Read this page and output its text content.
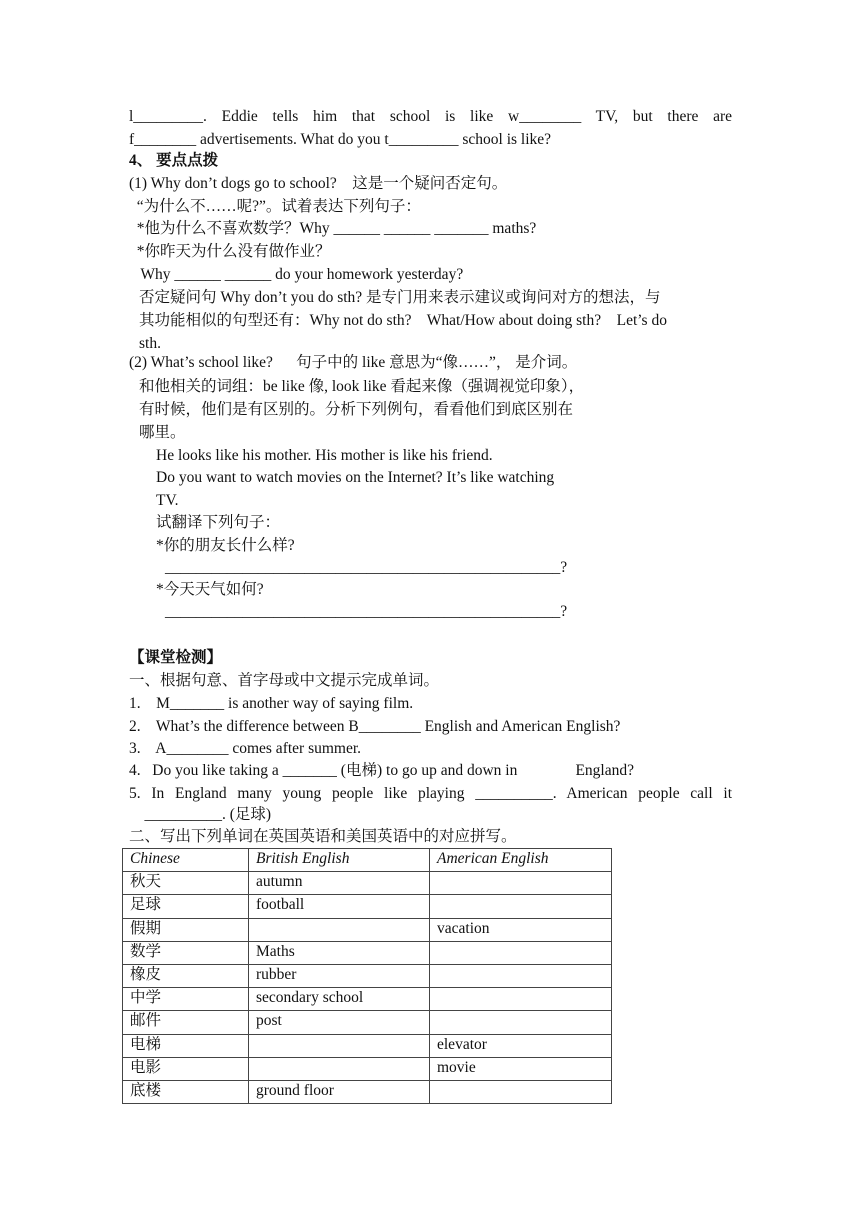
l_________. Eddie tells him that school is like w________ TV, but there are
f________ advertisements. What do you t_________ school is like?
4、 要点点拨
(1) Why don’t dogs go to school?    这是一个疑问否定句。
“为什么不……呢?”。试着表达下列句子：
*他为什么不喜欢数学？Why ______ ______ _______ maths?
*你昨天为什么没有做作业？
Why ______ ______ do your homework yesterday?
否定疑问句 Why don’t you do sth? 是专门用来表示建议或询问对方的想法，与
其功能相似的句型还有：Why not do sth?    What/How about doing sth?    Let’s do
sth.
(2) What’s school like?      句子中的 like 意思为“像……”， 是介词。
和他相关的词组：be like 像, look like 看起来像（强调视觉印象），
有时候，他们是有区别的。分析下列例句，看看他们到底区别在
哪里。
He looks like his mother. His mother is like his friend.
Do you want to watch movies on the Internet? It’s like watching
TV.
试翻译下列句子：
*你的朋友长什么样?
___________________________________________________?
*今天天气如何?
___________________________________________________?
【课堂检测】
一、根据句意、首字母或中文提示完成单词。
1.    M_______ is another way of saying film.
2.    What’s the difference between B________ English and American English?
3.    A________ comes after summer.
4.   Do you like taking a _______ (电梯) to go up and down in               England?
5. In England many young people like playing __________. American people call it
__________. (足球)
二、写出下列单词在英国英语和美国英语中的对应拼写。
Chinese	British English	American English
秋天	autumn	
足球	football	
假期		vacation
数学	Maths	
橡皮	rubber	
中学	secondary school	
邮件	post	
电梯		elevator
电影		movie
底楼	ground floor	
